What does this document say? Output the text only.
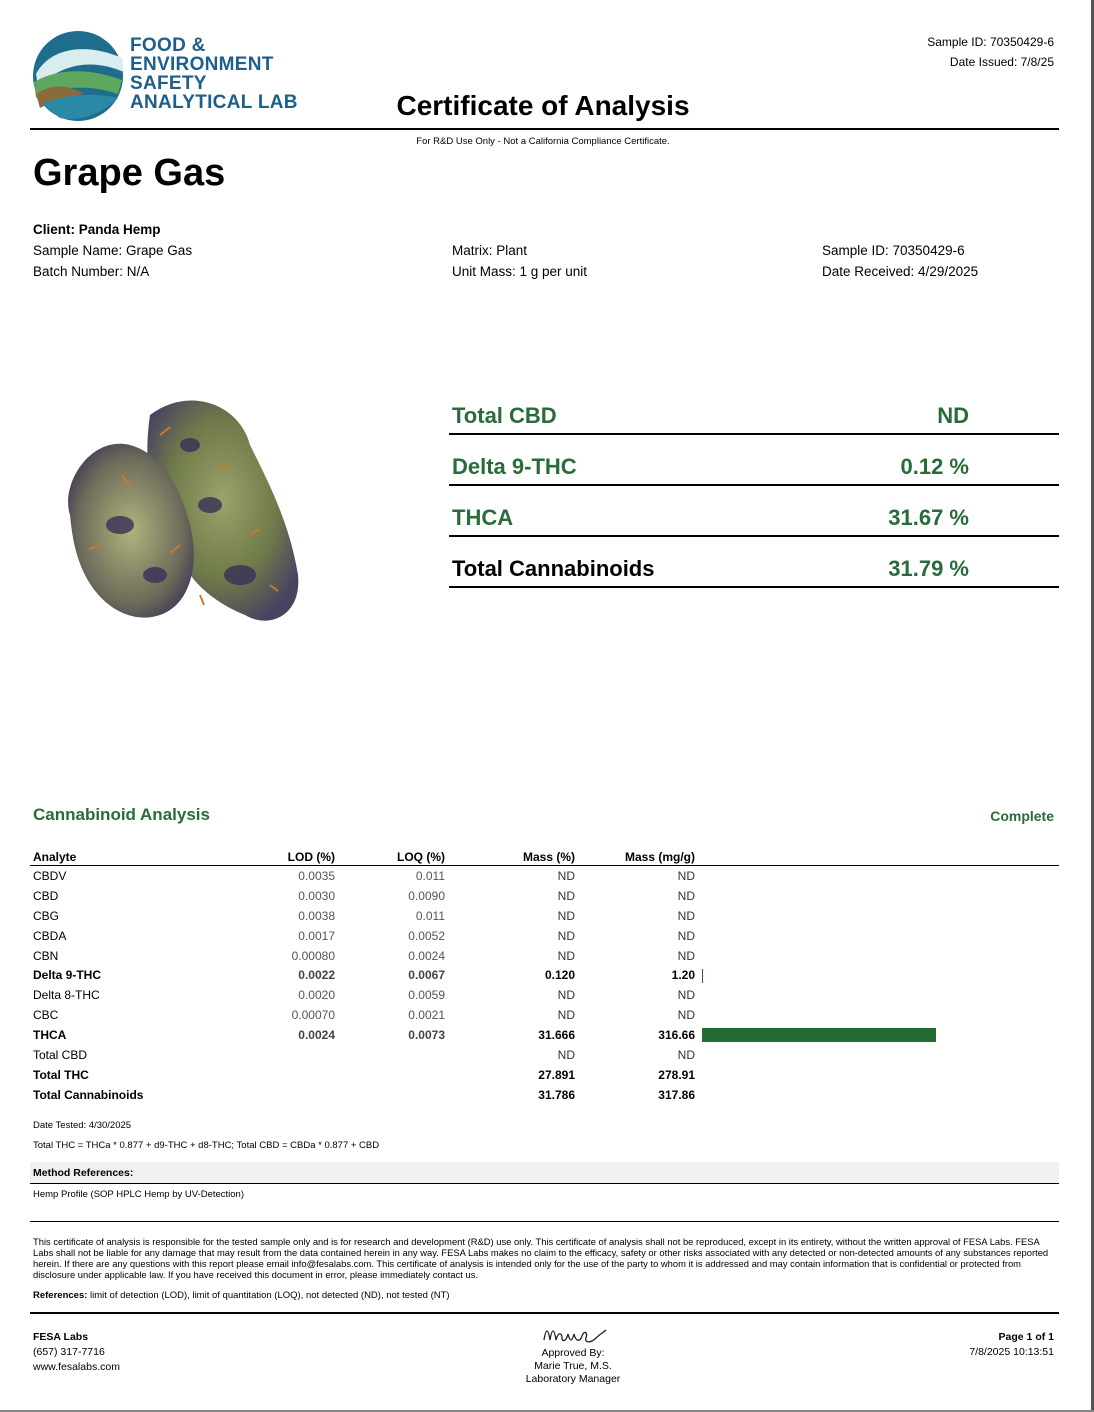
FOOD &
ENVIRONMENT
SAFETY
ANALYTICAL LAB
Sample ID: 70350429-6
Date Issued: 7/8/25
Certificate of Analysis
For R&D Use Only - Not a California Compliance Certificate.
Grape Gas
Client: Panda Hemp
Sample Name: Grape Gas
Batch Number: N/A
Matrix: Plant
Unit Mass: 1 g per unit
Sample ID: 70350429-6
Date Received: 4/29/2025
Total CBD	ND
Delta 9-THC	0.12 %
THCA	31.67 %
Total Cannabinoids	31.79 %
Cannabinoid Analysis	Complete
Analyte	LOD (%)	LOQ (%)	Mass (%)	Mass (mg/g)	
CBDV	0.0035	0.011	ND	ND	
CBD	0.0030	0.0090	ND	ND	
CBG	0.0038	0.011	ND	ND	
CBDA	0.0017	0.0052	ND	ND	
CBN	0.00080	0.0024	ND	ND	
Delta 9-THC	0.0022	0.0067	0.120	1.20	
Delta 8-THC	0.0020	0.0059	ND	ND	
CBC	0.00070	0.0021	ND	ND	
THCA	0.0024	0.0073	31.666	316.66	
Total CBD			ND	ND	
Total THC			27.891	278.91	
Total Cannabinoids			31.786	317.86	
Date Tested: 4/30/2025
Total THC = THCa * 0.877 + d9-THC + d8-THC; Total CBD = CBDa * 0.877 + CBD
Method References:
Hemp Profile (SOP HPLC Hemp by UV-Detection)
This certificate of analysis is responsible for the tested sample only and is for research and development (R&D) use only. This certificate of analysis shall not be reproduced, except in its entirety, without the written approval of FESA Labs. FESA Labs shall not be liable for any damage that may result from the data contained herein in any way. FESA Labs makes no claim to the efficacy, safety or other risks associated with any detected or non-detected amounts of any substances reported herein. If there are any questions with this report please email info@fesalabs.com. This certificate of analysis is intended only for the use of the party to whom it is addressed and may contain information that is confidential or protected from disclosure under applicable law. If you have received this document in error, please immediately contact us.
References: limit of detection (LOD), limit of quantitation (LOQ), not detected (ND), not tested (NT)
FESA Labs
(657) 317-7716
www.fesalabs.com
Approved By:
Marie True, M.S.
Laboratory Manager
Page 1 of 1
7/8/2025 10:13:51
